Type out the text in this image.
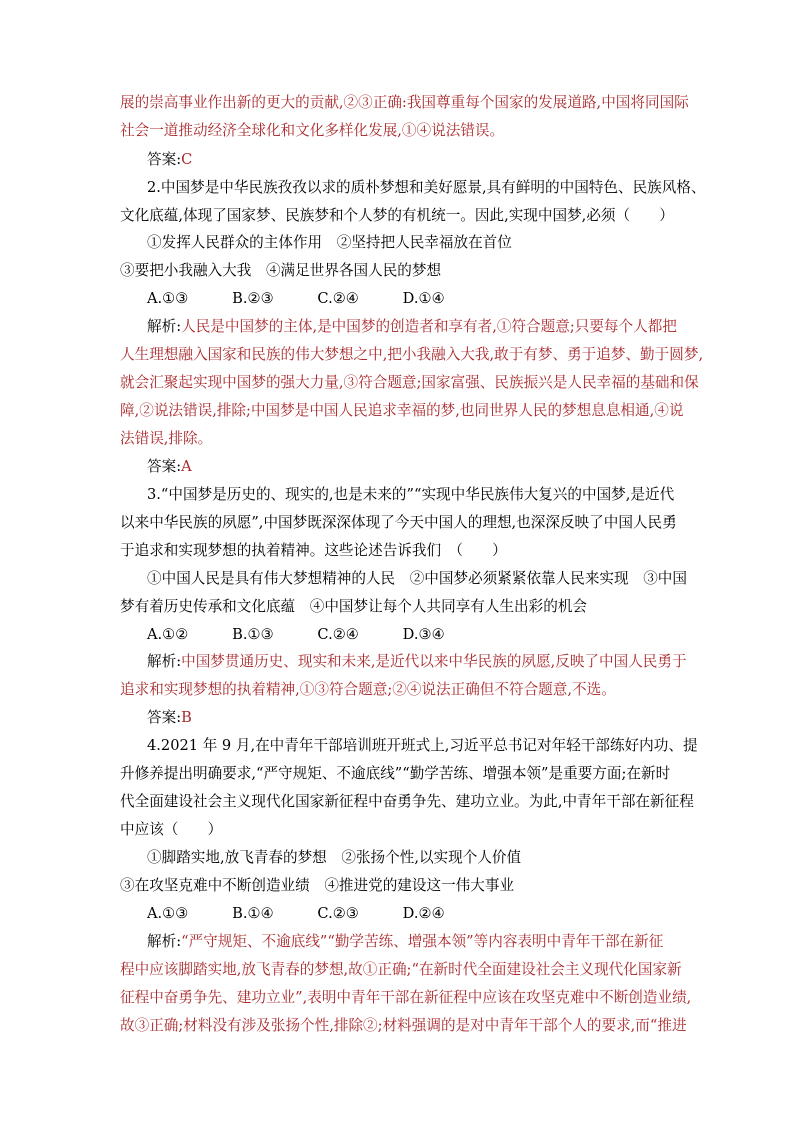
展的崇高事业作出新的更大的贡献,②③正确:我国尊重每个国家的发展道路,中国将同国际
社会一道推动经济全球化和文化多样化发展,①④说法错误。
答案:C
2.中国梦是中华民族孜孜以求的质朴梦想和美好愿景,具有鲜明的中国特色、民族风格、
文化底蕴,体现了国家梦、民族梦和个人梦的有机统一。因此,实现中国梦,必须（　　）
①发挥人民群众的主体作用　②坚持把人民幸福放在首位
③要把小我融入大我　④满足世界各国人民的梦想
A.①③　　　B.②③　　　C.②④　　　D.①④
解析:人民是中国梦的主体,是中国梦的创造者和享有者,①符合题意;只要每个人都把
人生理想融入国家和民族的伟大梦想之中,把小我融入大我,敢于有梦、勇于追梦、勤于圆梦,
就会汇聚起实现中国梦的强大力量,③符合题意;国家富强、民族振兴是人民幸福的基础和保
障,②说法错误,排除;中国梦是中国人民追求幸福的梦,也同世界人民的梦想息息相通,④说
法错误,排除。
答案:A
3.“中国梦是历史的、现实的,也是未来的”“实现中华民族伟大复兴的中国梦,是近代
以来中华民族的夙愿”,中国梦既深深体现了今天中国人的理想,也深深反映了中国人民勇
于追求和实现梦想的执着精神。这些论述告诉我们　（　　）
①中国人民是具有伟大梦想精神的人民　②中国梦必须紧紧依靠人民来实现　③中国
梦有着历史传承和文化底蕴　④中国梦让每个人共同享有人生出彩的机会
A.①②　　　B.①③　　　C.②④　　　D.③④
解析:中国梦贯通历史、现实和未来,是近代以来中华民族的夙愿,反映了中国人民勇于
追求和实现梦想的执着精神,①③符合题意;②④说法正确但不符合题意,不选。
答案:B
4.2021 年 9 月,在中青年干部培训班开班式上,习近平总书记对年轻干部练好内功、提
升修养提出明确要求,“严守规矩、不逾底线”“勤学苦练、增强本领”是重要方面;在新时
代全面建设社会主义现代化国家新征程中奋勇争先、建功立业。为此,中青年干部在新征程
中应该（　　）
①脚踏实地,放飞青春的梦想　②张扬个性,以实现个人价值
③在攻坚克难中不断创造业绩　④推进党的建设这一伟大事业
A.①③　　　B.①④　　　C.②③　　　D.②④
解析:“严守规矩、不逾底线”“勤学苦练、增强本领”等内容表明中青年干部在新征
程中应该脚踏实地,放飞青春的梦想,故①正确;“在新时代全面建设社会主义现代化国家新
征程中奋勇争先、建功立业”,表明中青年干部在新征程中应该在攻坚克难中不断创造业绩,
故③正确;材料没有涉及张扬个性,排除②;材料强调的是对中青年干部个人的要求,而“推进
